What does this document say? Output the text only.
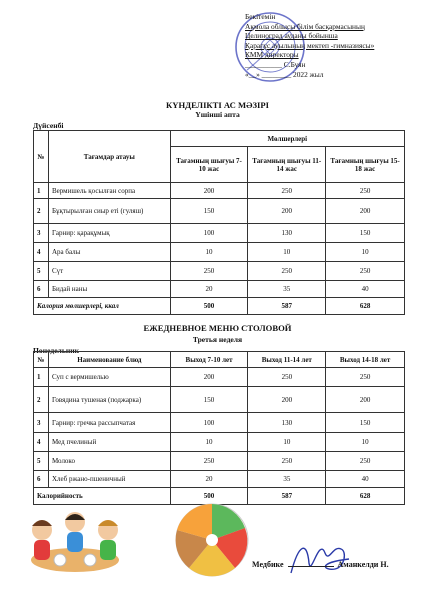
Бекітемін
Ақмола облысы білім басқармасының
Целиноград ауданы бойынша
Қарағұс ауылының мектеп -гимназиясы»
КММ директоры
__________ С.Буян
«__» ________ 2022 жыл
КҮНДЕЛІКТІ АС МӘЗІРІ
Үшінші апта
Дүйсенбі
№	Тағамдар атауы	Мөлшерлері		
		Тағамның шығуы 7-10 жас	Тағамның шығуы 11-14 жас	Тағамның шығуы 15-18 жас
1	Вермишель қосылған сорпа	200	250	250
2	Бұқтырылған сиыр еті (гуляш)	150	200	200
3	Гарнир: қарақұмық	100	130	150
4	Ара балы	10	10	10
5	Сүт	250	250	250
6	Бидай наны	20	35	40
Калория мөлшерлері, ккал		500	587	628
ЕЖЕДНЕВНОЕ МЕНЮ СТОЛОВОЙ
Третья неделя
Понедельник
№	Наименование блюд	Выход 7-10 лет	Выход 11-14 лет	Выход 14-18 лет
1	Суп с вермишелью	200	250	250
2	Говядина тушеная (поджарка)	150	200	200
3	Гарнир: гречка рассыпчатая	100	130	150
4	Мед пчелиный	10	10	10
5	Молоко	250	250	250
6	Хлеб ржано-пшеничный	20	35	40
Калорийность		500	587	628
Медбике	Аманкелди Н.
